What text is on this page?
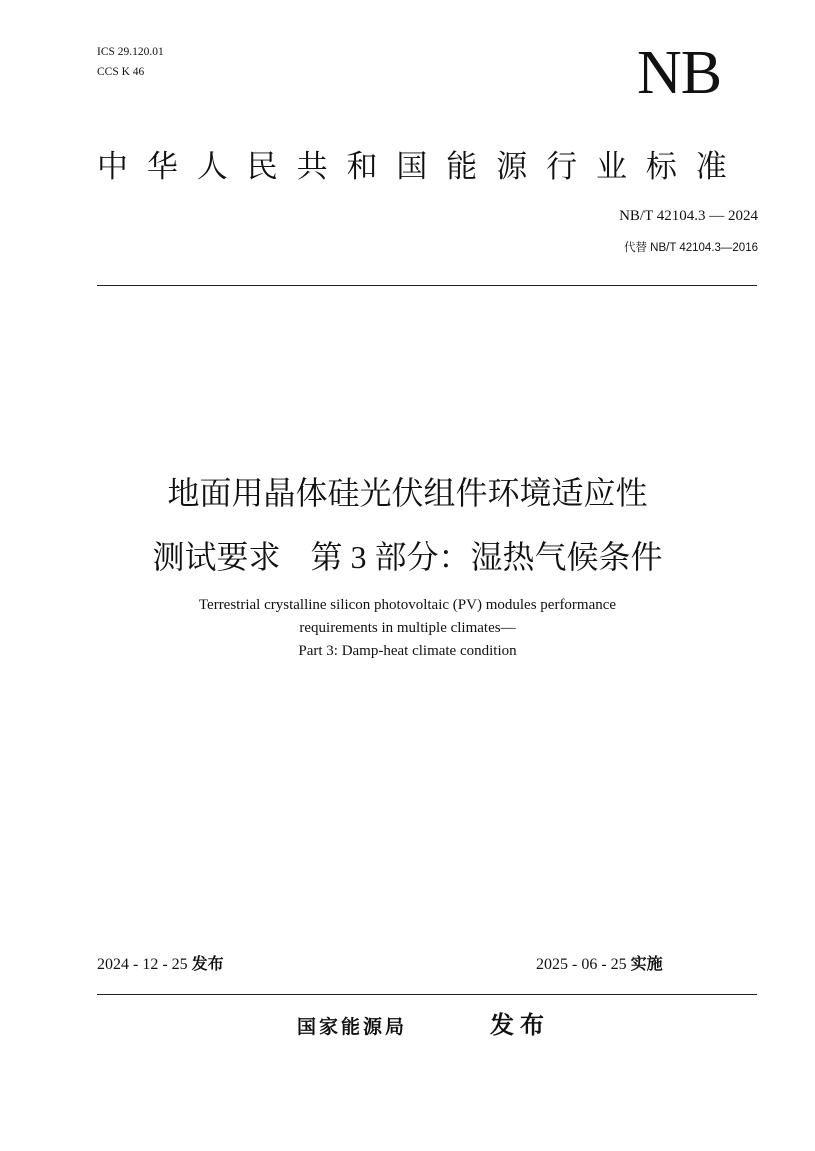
ICS 29.120.01
CCS K 46	NB
中华人民共和国能源行业标准
NB/T 42104.3 — 2024
代替 NB/T 42104.3—2016
地面用晶体硅光伏组件环境适应性
测试要求 第 3 部分：湿热气候条件
Terrestrial crystalline silicon photovoltaic (PV) modules performance
requirements in multiple climates—
Part 3: Damp-heat climate condition
2024 - 12 - 25 发布	2025 - 06 - 25 实施
国家能源局	发布
